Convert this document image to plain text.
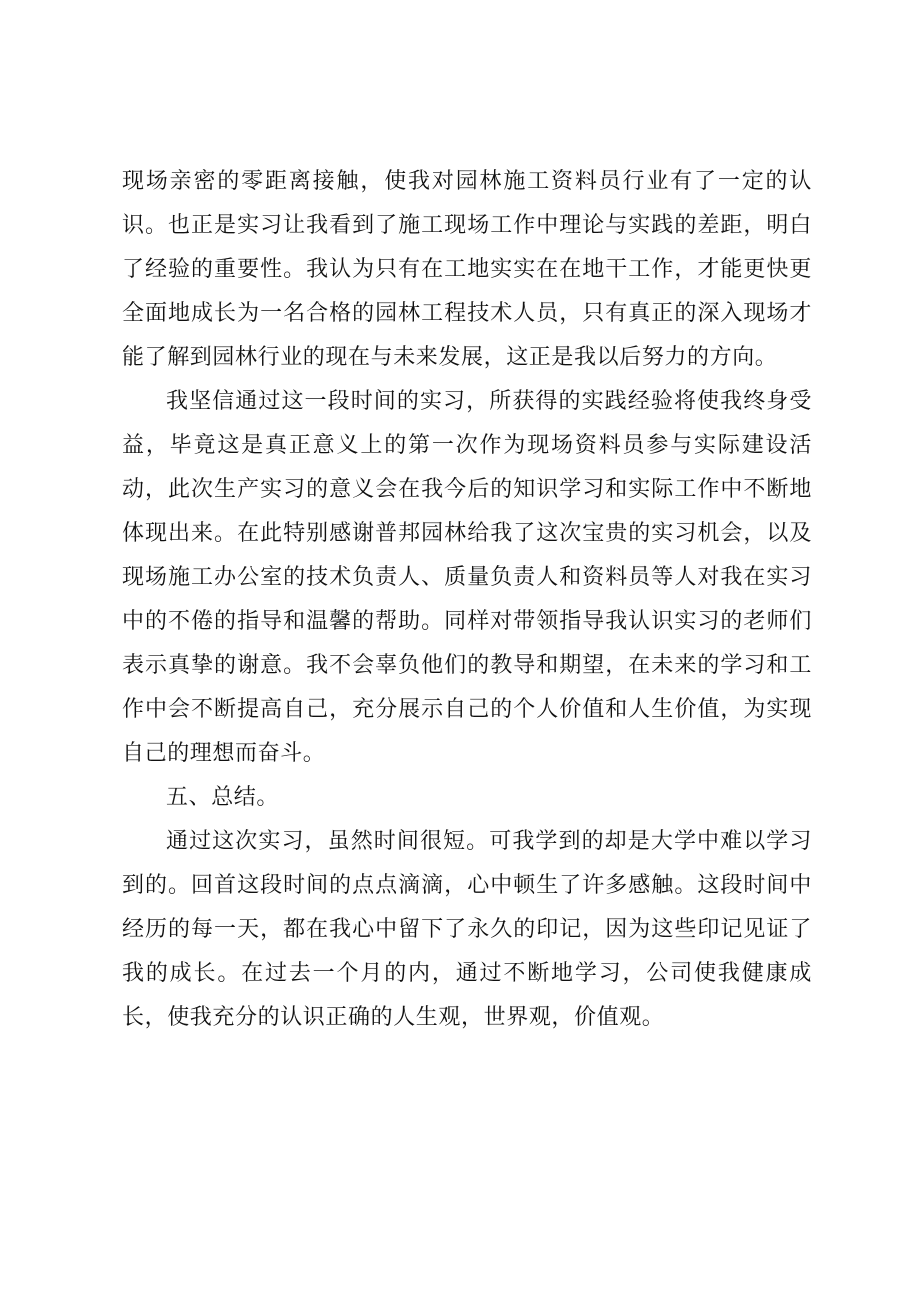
现场亲密的零距离接触，使我对园林施工资料员行业有了一定的认识。也正是实习让我看到了施工现场工作中理论与实践的差距，明白了经验的重要性。我认为只有在工地实实在在地干工作，才能更快更全面地成长为一名合格的园林工程技术人员，只有真正的深入现场才能了解到园林行业的现在与未来发展，这正是我以后努力的方向。

我坚信通过这一段时间的实习，所获得的实践经验将使我终身受益，毕竟这是真正意义上的第一次作为现场资料员参与实际建设活动，此次生产实习的意义会在我今后的知识学习和实际工作中不断地体现出来。在此特别感谢普邦园林给我了这次宝贵的实习机会，以及现场施工办公室的技术负责人、质量负责人和资料员等人对我在实习中的不倦的指导和温馨的帮助。同样对带领指导我认识实习的老师们表示真挚的谢意。我不会辜负他们的教导和期望，在未来的学习和工作中会不断提高自己，充分展示自己的个人价值和人生价值，为实现自己的理想而奋斗。

五、总结。

通过这次实习，虽然时间很短。可我学到的却是大学中难以学习到的。回首这段时间的点点滴滴，心中顿生了许多感触。这段时间中经历的每一天，都在我心中留下了永久的印记，因为这些印记见证了我的成长。在过去一个月的内，通过不断地学习，公司使我健康成长，使我充分的认识正确的人生观，世界观，价值观。
